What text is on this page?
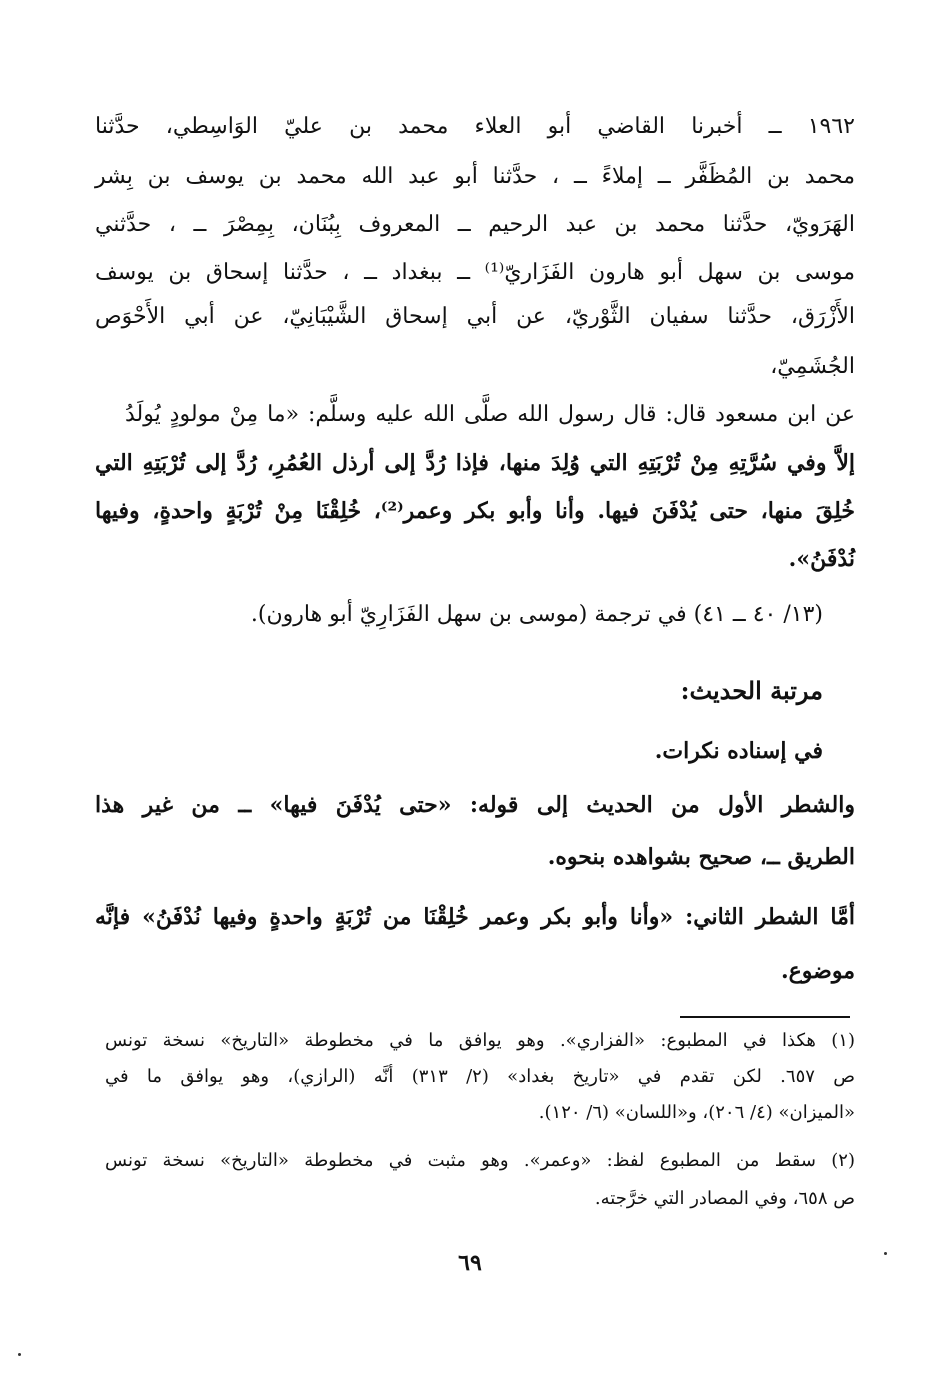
١٩٦٢ ــ أخبرنا القاضي أبو العلاء محمد بن عليّ الوَاسِطي، حدَّثنا
محمد بن المُظَفَّر ــ إملاءً ــ ، حدَّثنا أبو عبد الله محمد بن يوسف بن بِشر
الهَرَويّ، حدَّثنا محمد بن عبد الرحيم ــ المعروف بِبُنَان، بِمِصْرَ ــ ، حدَّثني
موسى بن سهل أبو هارون الفَزَاريّ⁽¹⁾ ــ ببغداد ــ ، حدَّثنا إسحاق بن يوسف
الأَزْرَق، حدَّثنا سفيان الثَّوْريّ، عن أبي إسحاق الشَّيْبَانِيّ، عن أبي الأَحْوَص
الجُشَمِيّ،
عن ابن مسعود قال: قال رسول الله صلَّى الله عليه وسلَّم: «ما مِنْ مولودٍ يُولَدُ
إلاَّ وفي سُرَّتِهِ مِنْ تُرْبَتِهِ التي وُلِدَ منها، فإذا رُدَّ إلى أرذل العُمُرِ، رُدَّ إلى تُرْبَتِهِ التي
خُلِقَ منها، حتى يُدْفَنَ فيها. وأنا وأبو بكر وعمر⁽²⁾، خُلِقْنَا مِنْ تُرْبَةٍ واحدةٍ، وفيها
نُدْفَنُ».
(١٣/ ٤٠ ــ ٤١) في ترجمة (موسى بن سهل الفَزَارِيّ أبو هارون).
مرتبة الحديث:
في إسناده نكرات.
والشطر الأول من الحديث إلى قوله: «حتى يُدْفَنَ فيها» ــ من غير هذا
الطريق ــ، صحيح بشواهده بنحوه.
أمَّا الشطر الثاني: «وأنا وأبو بكر وعمر خُلِقْنَا من تُرْبَةٍ واحدةٍ وفيها نُدْفَنُ» فإنَّه
موضوع.
(١) هكذا في المطبوع: «الفزاري». وهو يوافق ما في مخطوطة «التاريخ» نسخة تونس
ص ٦٥٧. لكن تقدم في «تاريخ بغداد» (٢/ ٣١٣) أنَّه (الرازي)، وهو يوافق ما في
«الميزان» (٤/ ٢٠٦)، و«اللسان» (٦/ ١٢٠).
(٢) سقط من المطبوع لفظ: «وعمر». وهو مثبت في مخطوطة «التاريخ» نسخة تونس
ص ٦٥٨، وفي المصادر التي خرَّجته.
٦٩
